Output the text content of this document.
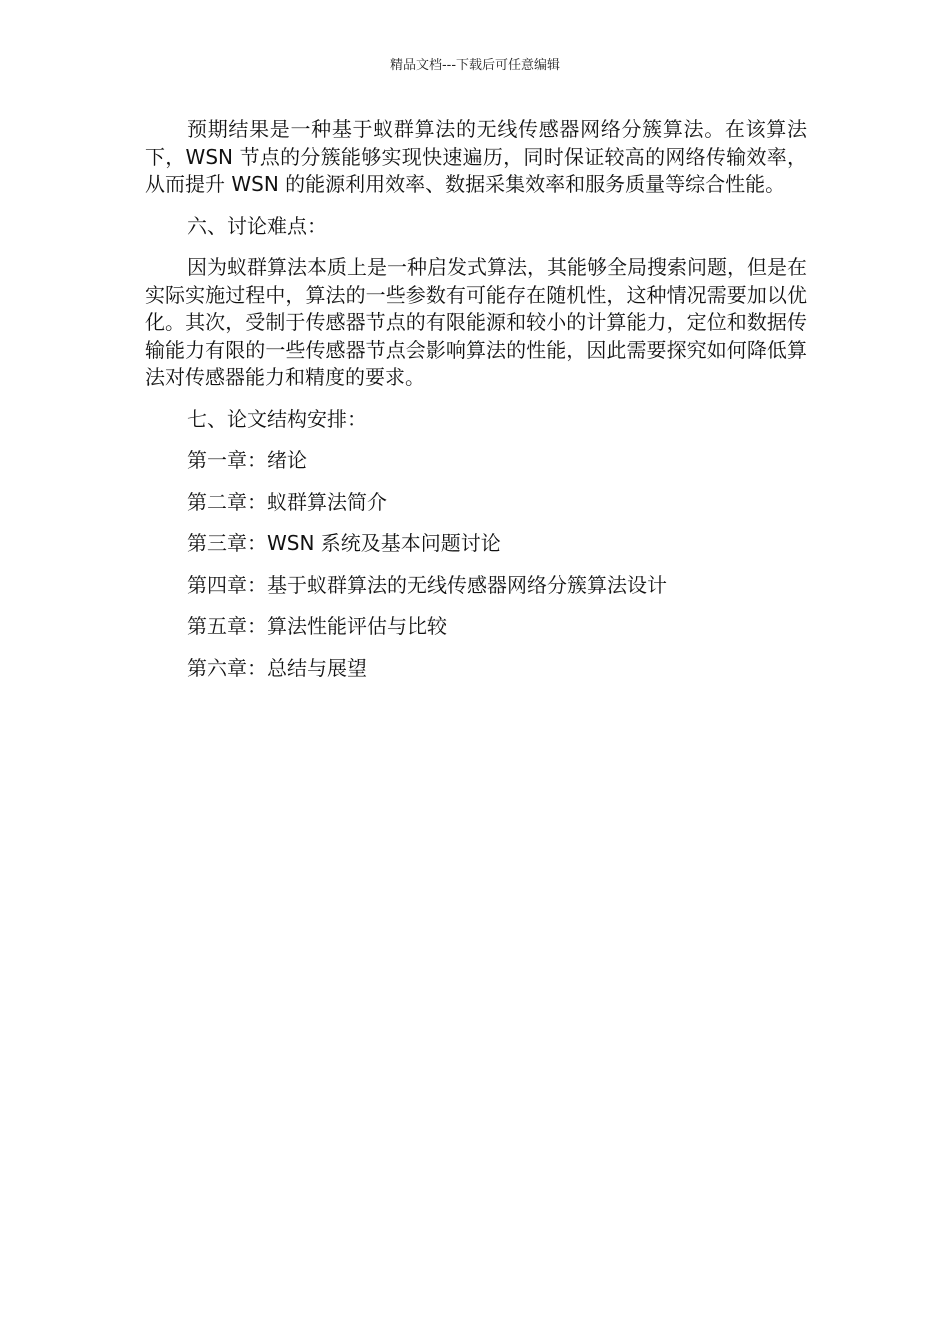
精品文档---下载后可任意编辑

预期结果是一种基于蚁群算法的无线传感器网络分簇算法。在该算法下，WSN 节点的分簇能够实现快速遍历，同时保证较高的网络传输效率，从而提升 WSN 的能源利用效率、数据采集效率和服务质量等综合性能。

六、讨论难点：

因为蚁群算法本质上是一种启发式算法，其能够全局搜索问题，但是在实际实施过程中，算法的一些参数有可能存在随机性，这种情况需要加以优化。其次，受制于传感器节点的有限能源和较小的计算能力，定位和数据传输能力有限的一些传感器节点会影响算法的性能，因此需要探究如何降低算法对传感器能力和精度的要求。

七、论文结构安排：
第一章：绪论
第二章：蚁群算法简介
第三章：WSN 系统及基本问题讨论
第四章：基于蚁群算法的无线传感器网络分簇算法设计
第五章：算法性能评估与比较
第六章：总结与展望
